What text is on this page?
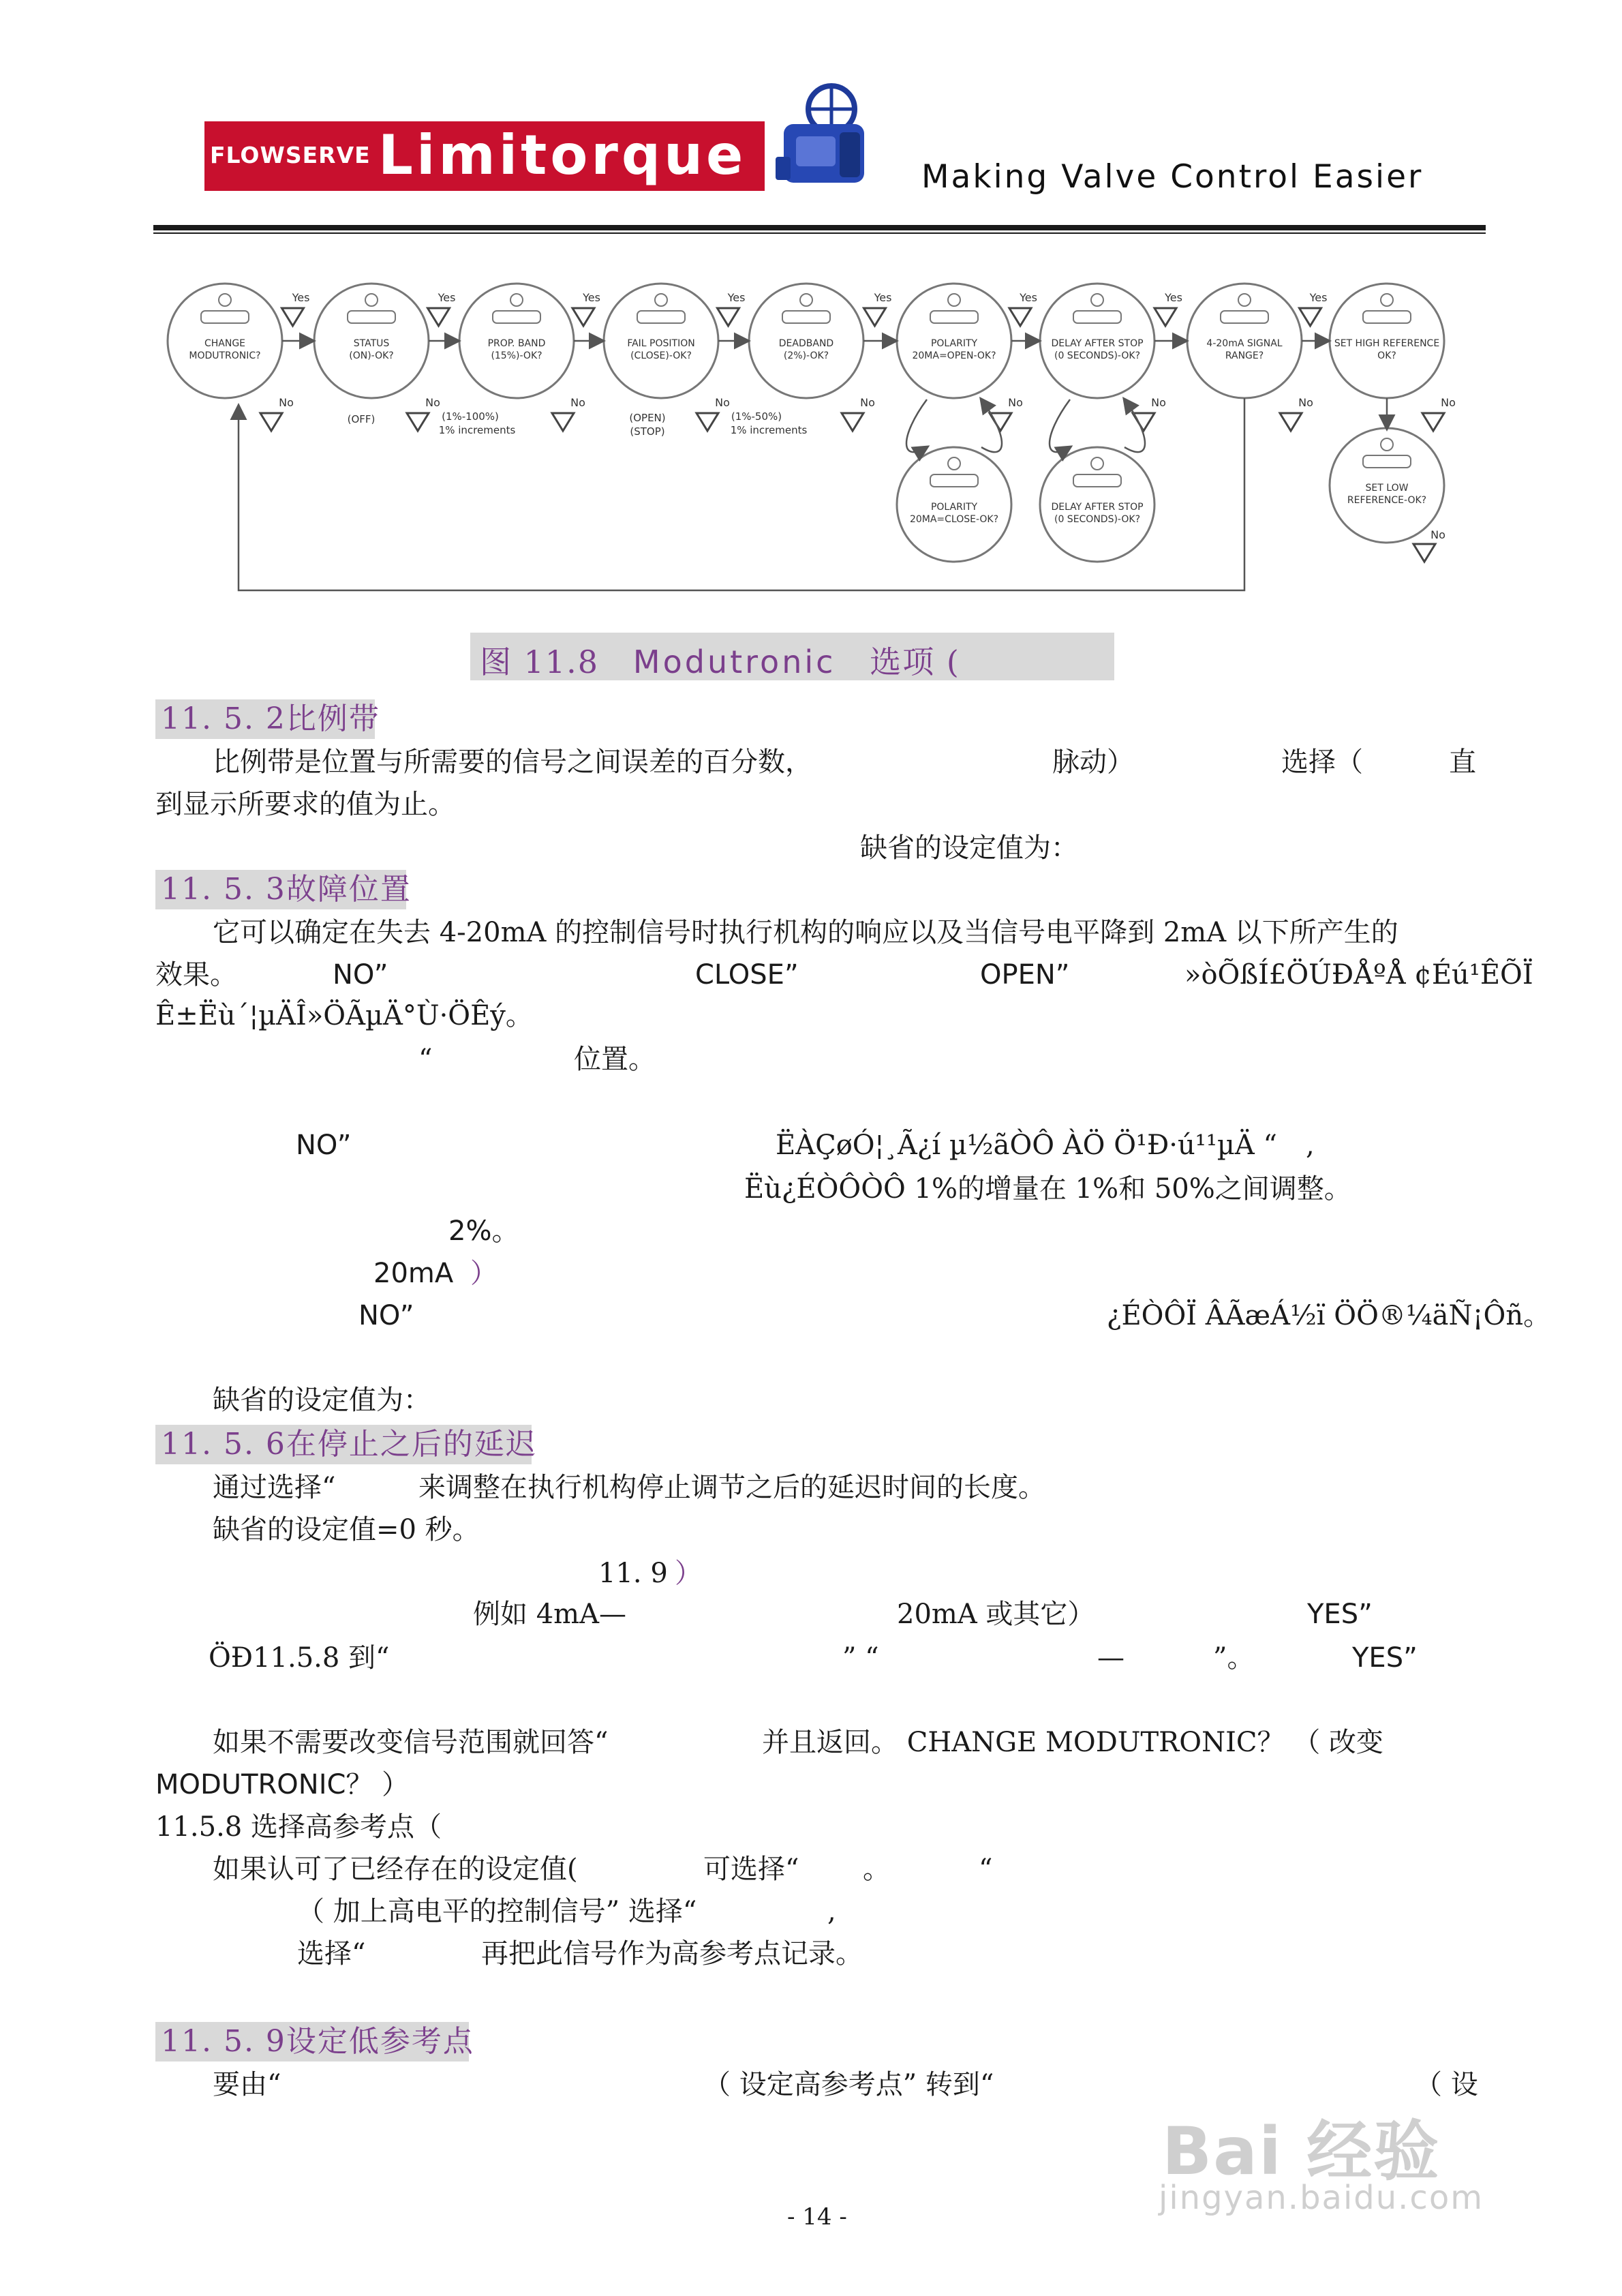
FLOWSERVE Limitorque	Making Valve Control Easier
CHANGE
MODUTRONIC?
STATUS
(ON)-OK?
PROP. BAND
(15%)-OK?
FAIL POSITION
(CLOSE)-OK?
DEADBAND
(2%)-OK?
POLARITY
20MA=OPEN-OK?
DELAY AFTER STOP
(0 SECONDS)-OK?
4-20mA SIGNAL
RANGE?
SET HIGH REFERENCE
OK?
Yes	Yes	Yes	Yes	Yes	Yes	Yes	Yes
No	No	No	No	No	No	No	No	No
(OFF)	(1%-100%)
1% increments
(OPEN)
(STOP)
(1%-50%)
1% increments
POLARITY
20MA=CLOSE-OK?
DELAY AFTER STOP
(0 SECONDS)-OK?
SET LOW
REFERENCE-OK?
No
图 11.8 Modutronic 选项 (
11. 5. 2比例带
比例带是位置与所需要的信号之间误差的百分数，	脉动）	选择（	直
到显示所要求的值为止。
缺省的设定值为：
11. 5. 3故障位置
它可以确定在失去 4-20mA 的控制信号时执行机构的响应以及当信号电平降到 2mA 以下所产生的
效果。	NO”	CLOSE”	OPEN”	»òÕßÍ£ÖÚÐÅºÅ ¢Éú¹ÊÕÏ
Ê±Ëù´¦µÄÎ»ÖÃµÄ°Ù·ÖÊý。
“	位置。
NO”	ËÀÇøÓ¦¸Ã¿í µ½ãÒÔ ÀÖ Ö¹Ð·ú¹¹µÄ “ ,
Ëù¿ÉÒÔÒÔ 1%的增量在 1%和 50%之间调整。
2%。
20mA ）
NO”	¿ÉÒÔÏ ÂÃæÁ½ï ÖÖ®¼äÑ¡Ôñ。
缺省的设定值为：
11. 5. 6在停止之后的延迟
通过选择“	来调整在执行机构停止调节之后的延迟时间的长度。
缺省的设定值=0 秒。
11. 9 ）
例如 4mA—	20mA 或其它）	YES”
ÖÐ11.5.8 到“	” “	—	”。	YES”
如果不需要改变信号范围就回答“	并且返回。 CHANGE MODUTRONIC？ （ 改变
MODUTRONIC？ ）
11.5.8 选择高参考点（
如果认可了已经存在的设定值(	可选择“ 。	“
（ 加上高电平的控制信号” 选择“	,
选择“	再把此信号作为高参考点记录。
11. 5. 9设定低参考点
要由“	（ 设定高参考点” 转到“	（ 设
- 14 -
Bai 经验
jingyan.baidu.com
